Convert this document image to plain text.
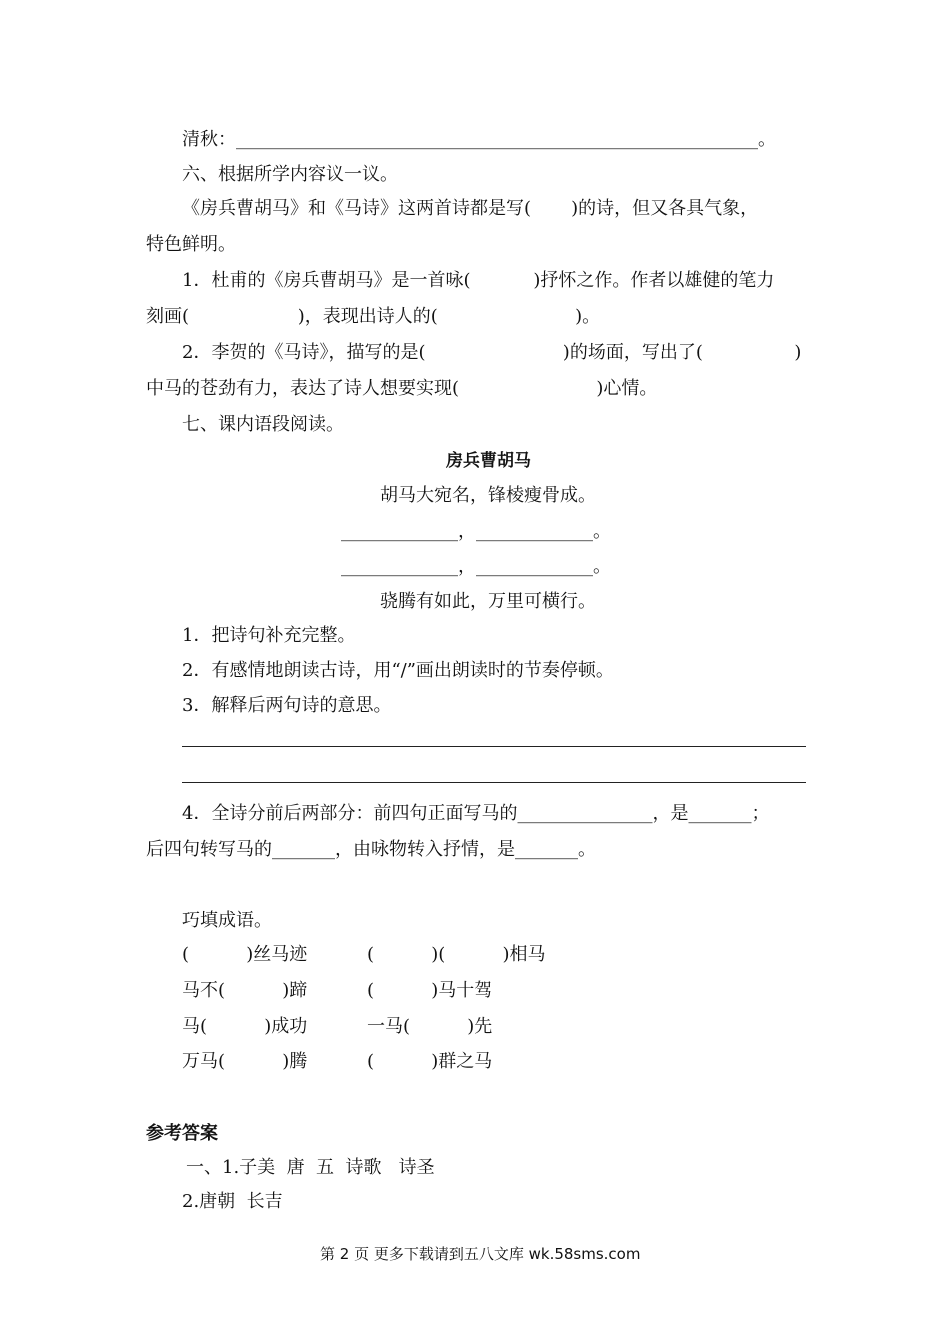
清秋：__________________________________________________________。
六、根据所学内容议一议。
《房兵曹胡马》和《马诗》这两首诗都是写(       )的诗，但又各具气象，
特色鲜明。
1．杜甫的《房兵曹胡马》是一首咏(           )抒怀之作。作者以雄健的笔力
刻画(                   )，表现出诗人的(                        )。
2．李贺的《马诗》，描写的是(                        )的场面，写出了(                )
中马的苍劲有力，表达了诗人想要实现(                        )心情。
七、课内语段阅读。
房兵曹胡马
胡马大宛名，锋棱瘦骨成。
_____________，_____________。
_____________，_____________。
骁腾有如此，万里可横行。
1．把诗句补充完整。
2．有感情地朗读古诗，用“/”画出朗读时的节奏停顿。
3．解释后两句诗的意思。
4．全诗分前后两部分：前四句正面写马的_______________，是_______；
后四句转写马的_______，由咏物转入抒情，是_______。
巧填成语。
(          )丝马迹	(          )(          )相马
马不(          )蹄	(          )马十驾
马(          )成功	一马(          )先
万马(          )腾	(          )群之马
参考答案
一、1.子美  唐  五  诗歌   诗圣
2.唐朝  长吉
第 2 页 更多下载请到五八文库 wk.58sms.com
